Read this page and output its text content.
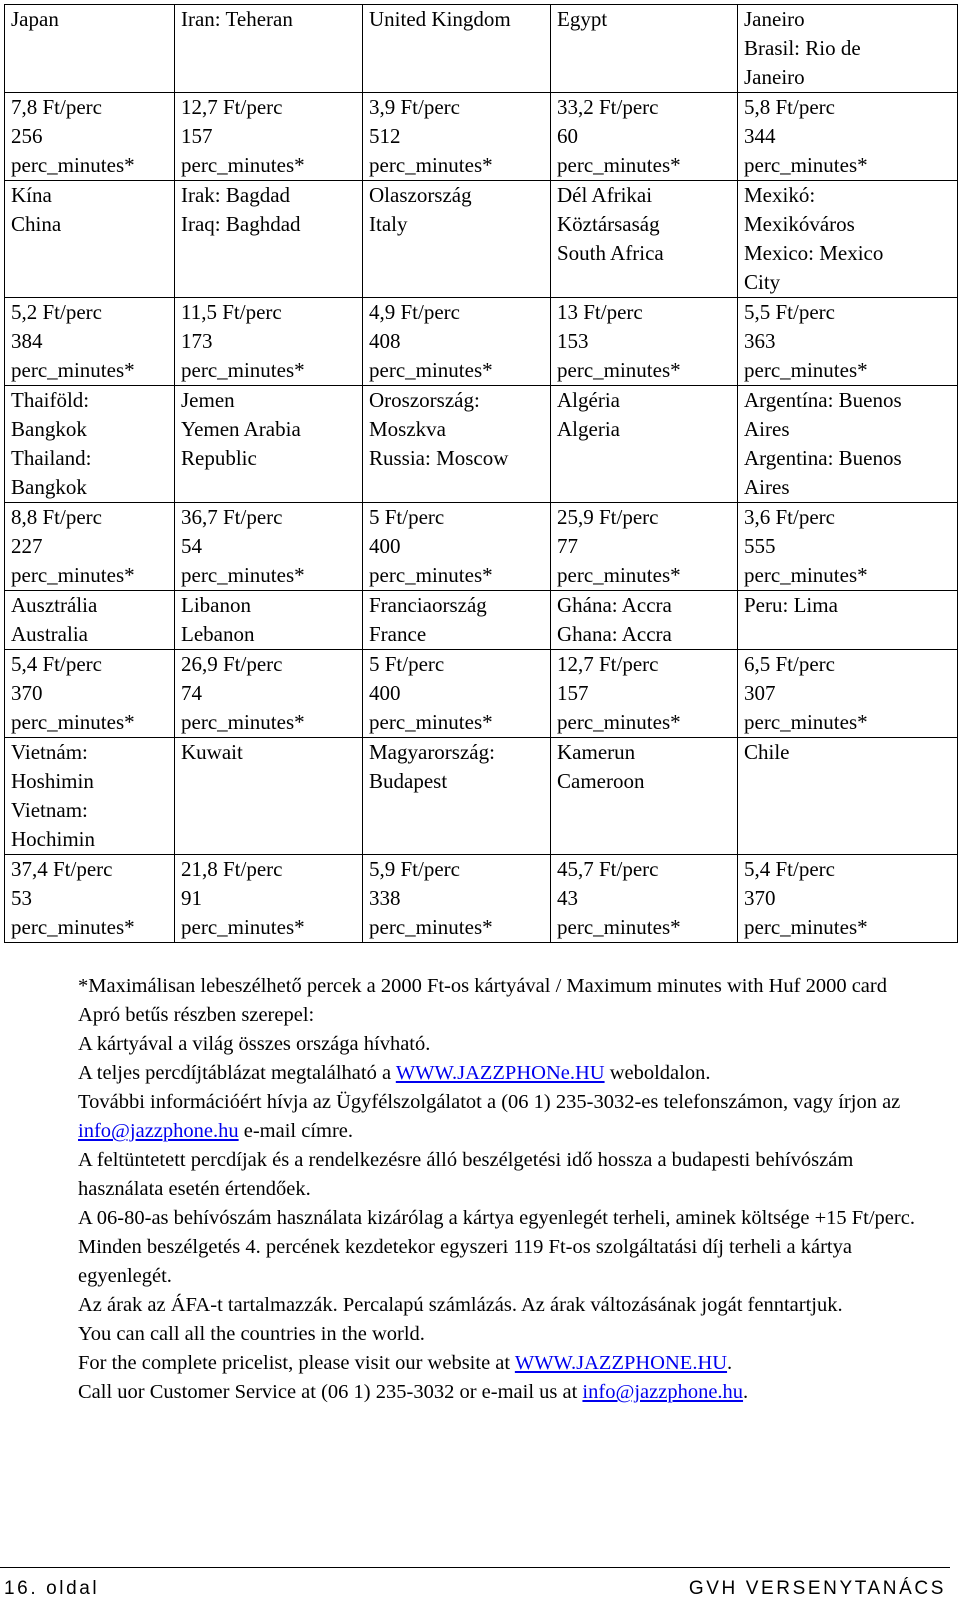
Japan	Iran: Teheran	United Kingdom	Egypt	Janeiro
Brasil: Rio de
Janeiro

7,8 Ft/perc
256
perc_minutes*	12,7 Ft/perc
157
perc_minutes*	3,9 Ft/perc
512
perc_minutes*	33,2 Ft/perc
60
perc_minutes*	5,8 Ft/perc
344
perc_minutes*

Kína
China	Irak: Bagdad
Iraq: Baghdad	Olaszország
Italy	Dél Afrikai
Köztársaság
South Africa	Mexikó:
Mexikóváros
Mexico: Mexico
City

5,2 Ft/perc
384
perc_minutes*	11,5 Ft/perc
173
perc_minutes*	4,9 Ft/perc
408
perc_minutes*	13 Ft/perc
153
perc_minutes*	5,5 Ft/perc
363
perc_minutes*

Thaiföld:
Bangkok
Thailand:
Bangkok	Jemen
Yemen Arabia
Republic	Oroszország:
Moszkva
Russia: Moscow	Algéria
Algeria	Argentína: Buenos
Aires
Argentina: Buenos
Aires

8,8 Ft/perc
227
perc_minutes*	36,7 Ft/perc
54
perc_minutes*	5 Ft/perc
400
perc_minutes*	25,9 Ft/perc
77
perc_minutes*	3,6 Ft/perc
555
perc_minutes*

Ausztrália
Australia	Libanon
Lebanon	Franciaország
France	Ghána: Accra
Ghana: Accra	Peru: Lima

5,4 Ft/perc
370
perc_minutes*	26,9 Ft/perc
74
perc_minutes*	5 Ft/perc
400
perc_minutes*	12,7 Ft/perc
157
perc_minutes*	6,5 Ft/perc
307
perc_minutes*

Vietnám:
Hoshimin
Vietnam:
Hochimin	Kuwait	Magyarország:
Budapest	Kamerun
Cameroon	Chile

37,4 Ft/perc
53
perc_minutes*	21,8 Ft/perc
91
perc_minutes*	5,9 Ft/perc
338
perc_minutes*	45,7 Ft/perc
43
perc_minutes*	5,4 Ft/perc
370
perc_minutes*

*Maximálisan lebeszélhető percek a 2000 Ft-os kártyával / Maximum minutes with Huf 2000 card

Apró betűs részben szerepel:

A kártyával a világ összes országa hívható.

A teljes percdíjtáblázat megtalálható a WWW.JAZZPHONe.HU weboldalon.

További információért hívja az Ügyfélszolgálatot a (06 1) 235-3032-es telefonszámon, vagy írjon az info@jazzphone.hu e-mail címre.

A feltüntetett percdíjak és a rendelkezésre álló beszélgetési idő hossza a budapesti behívószám használata esetén értendőek.

A 06-80-as behívószám használata kizárólag a kártya egyenlegét terheli, aminek költsége +15 Ft/perc.

Minden beszélgetés 4. percének kezdetekor egyszeri 119 Ft-os szolgáltatási díj terheli a kártya egyenlegét.

Az árak az ÁFA-t tartalmazzák. Percalapú számlázás. Az árak változásának jogát fenntartjuk.

You can call all the countries in the world.

For the complete pricelist, please visit our website at WWW.JAZZPHONE.HU.

Call uor Customer Service at (06 1) 235-3032 or e-mail us at info@jazzphone.hu.

16. oldal	GVH VERSENYTANÁCS
